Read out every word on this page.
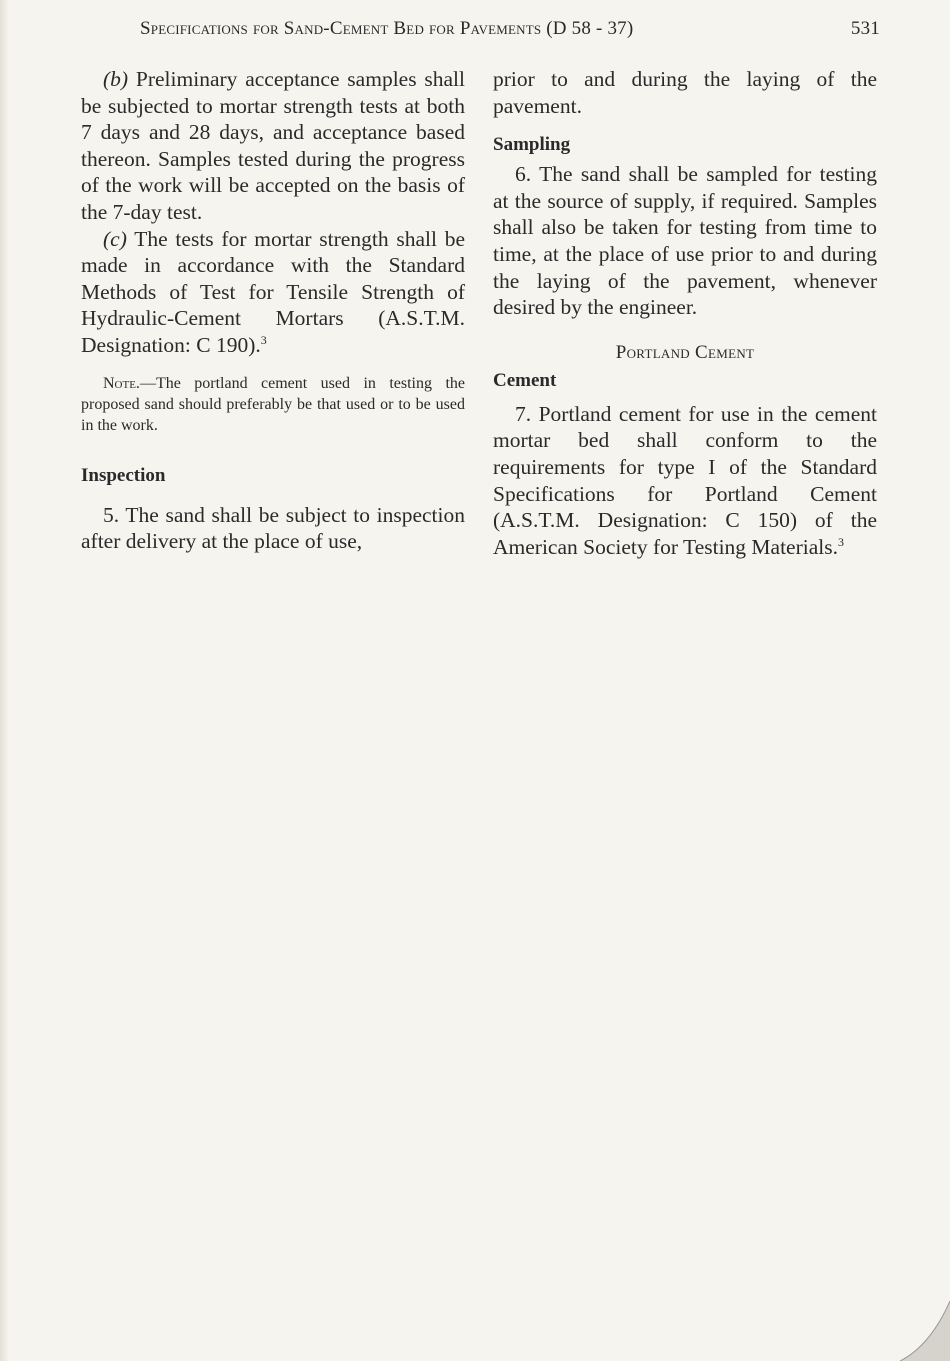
Specifications for Sand-Cement Bed for Pavements (D 58 - 37)	531

(b) Preliminary acceptance samples shall be subjected to mortar strength tests at both 7 days and 28 days, and acceptance based thereon. Samples tested during the progress of the work will be accepted on the basis of the 7-day test.

(c) The tests for mortar strength shall be made in accordance with the Standard Methods of Test for Tensile Strength of Hydraulic-Cement Mortars (A.S.T.M. Designation: C 190).$^3$

Note.—The portland cement used in testing the proposed sand should preferably be that used or to be used in the work.
Inspection

5. The sand shall be subject to inspection after delivery at the place of use,

prior to and during the laying of the pavement.

Sampling

6. The sand shall be sampled for testing at the source of supply, if required. Samples shall also be taken for testing from time to time, at the place of use prior to and during the laying of the pavement, whenever desired by the engineer.

Portland Cement
Cement

7. Portland cement for use in the cement mortar bed shall conform to the requirements for type I of the Standard Specifications for Portland Cement (A.S.T.M. Designation: C 150) of the American Society for Testing Materials.$^3$
